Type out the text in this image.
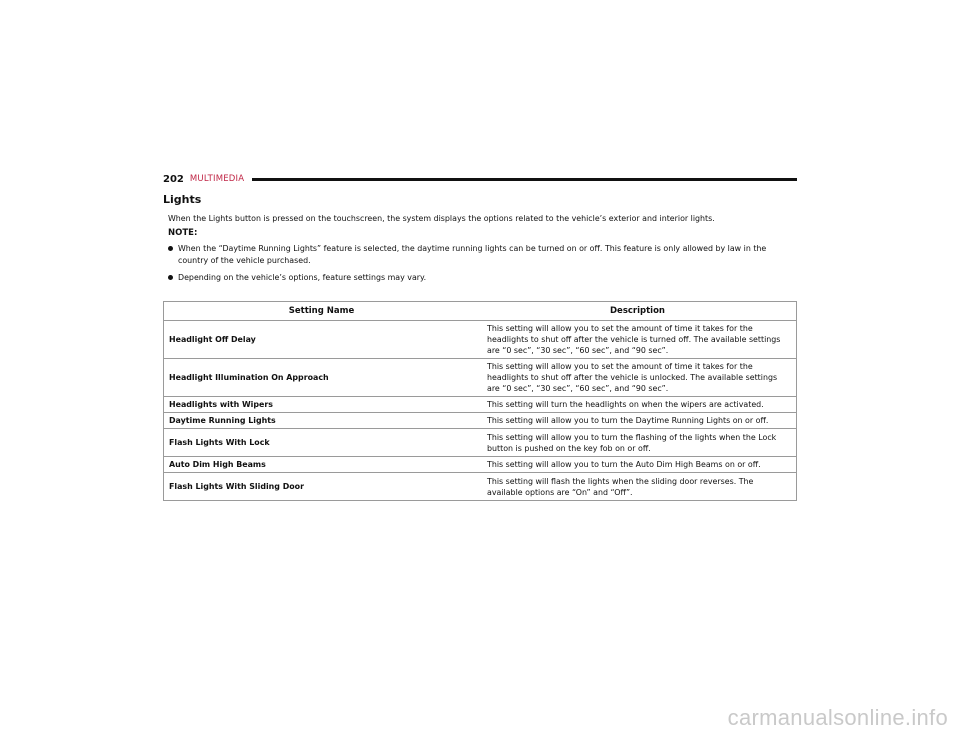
202 MULTIMEDIA
Lights

When the Lights button is pressed on the touchscreen, the system displays the options related to the vehicle’s exterior and interior lights.

NOTE:
When the “Daytime Running Lights” feature is selected, the daytime running lights can be turned on or off. This feature is only allowed by law in the country of the vehicle purchased.
Depending on the vehicle’s options, feature settings may vary.
Setting Name	Description
Headlight Off Delay	This setting will allow you to set the amount of time it takes for the headlights to shut off after the vehicle is turned off. The available settings are “0 sec”, “30 sec”, “60 sec”, and “90 sec”.
Headlight Illumination On Approach	This setting will allow you to set the amount of time it takes for the headlights to shut off after the vehicle is unlocked. The available settings are “0 sec”, “30 sec”, “60 sec”, and “90 sec”.
Headlights with Wipers	This setting will turn the headlights on when the wipers are activated.
Daytime Running Lights	This setting will allow you to turn the Daytime Running Lights on or off.
Flash Lights With Lock	This setting will allow you to turn the flashing of the lights when the Lock button is pushed on the key fob on or off.
Auto Dim High Beams	This setting will allow you to turn the Auto Dim High Beams on or off.
Flash Lights With Sliding Door	This setting will flash the lights when the sliding door reverses. The available options are “On” and “Off”.
carmanualsonline.info
